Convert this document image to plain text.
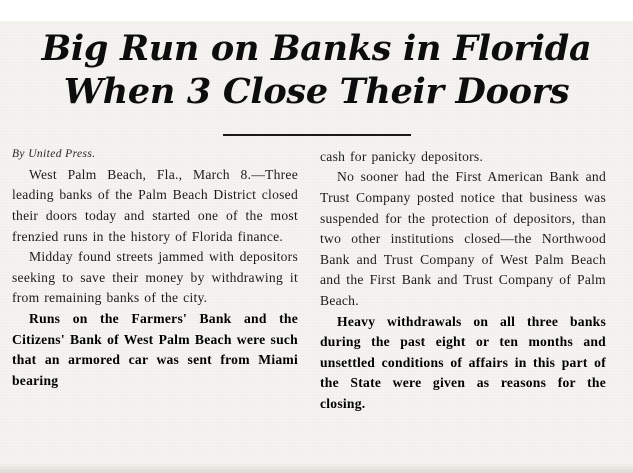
Big Run on Banks in Florida
When 3 Close Their Doors
By United Press.

West Palm Beach, Fla., March 8.—Three leading banks of the Palm Beach District closed their doors today and started one of the most frenzied runs in the history of Florida finance.

Midday found streets jammed with depositors seeking to save their money by withdrawing it from remaining banks of the city.

Runs on the Farmers' Bank and the Citizens' Bank of West Palm Beach were such that an armored car was sent from Miami bearing

cash for panicky depositors.

No sooner had the First American Bank and Trust Company posted notice that business was suspended for the protection of depositors, than two other institutions closed—the Northwood Bank and Trust Company of West Palm Beach and the First Bank and Trust Company of Palm Beach.

Heavy withdrawals on all three banks during the past eight or ten months and unsettled conditions of affairs in this part of the State were given as reasons for the closing.
